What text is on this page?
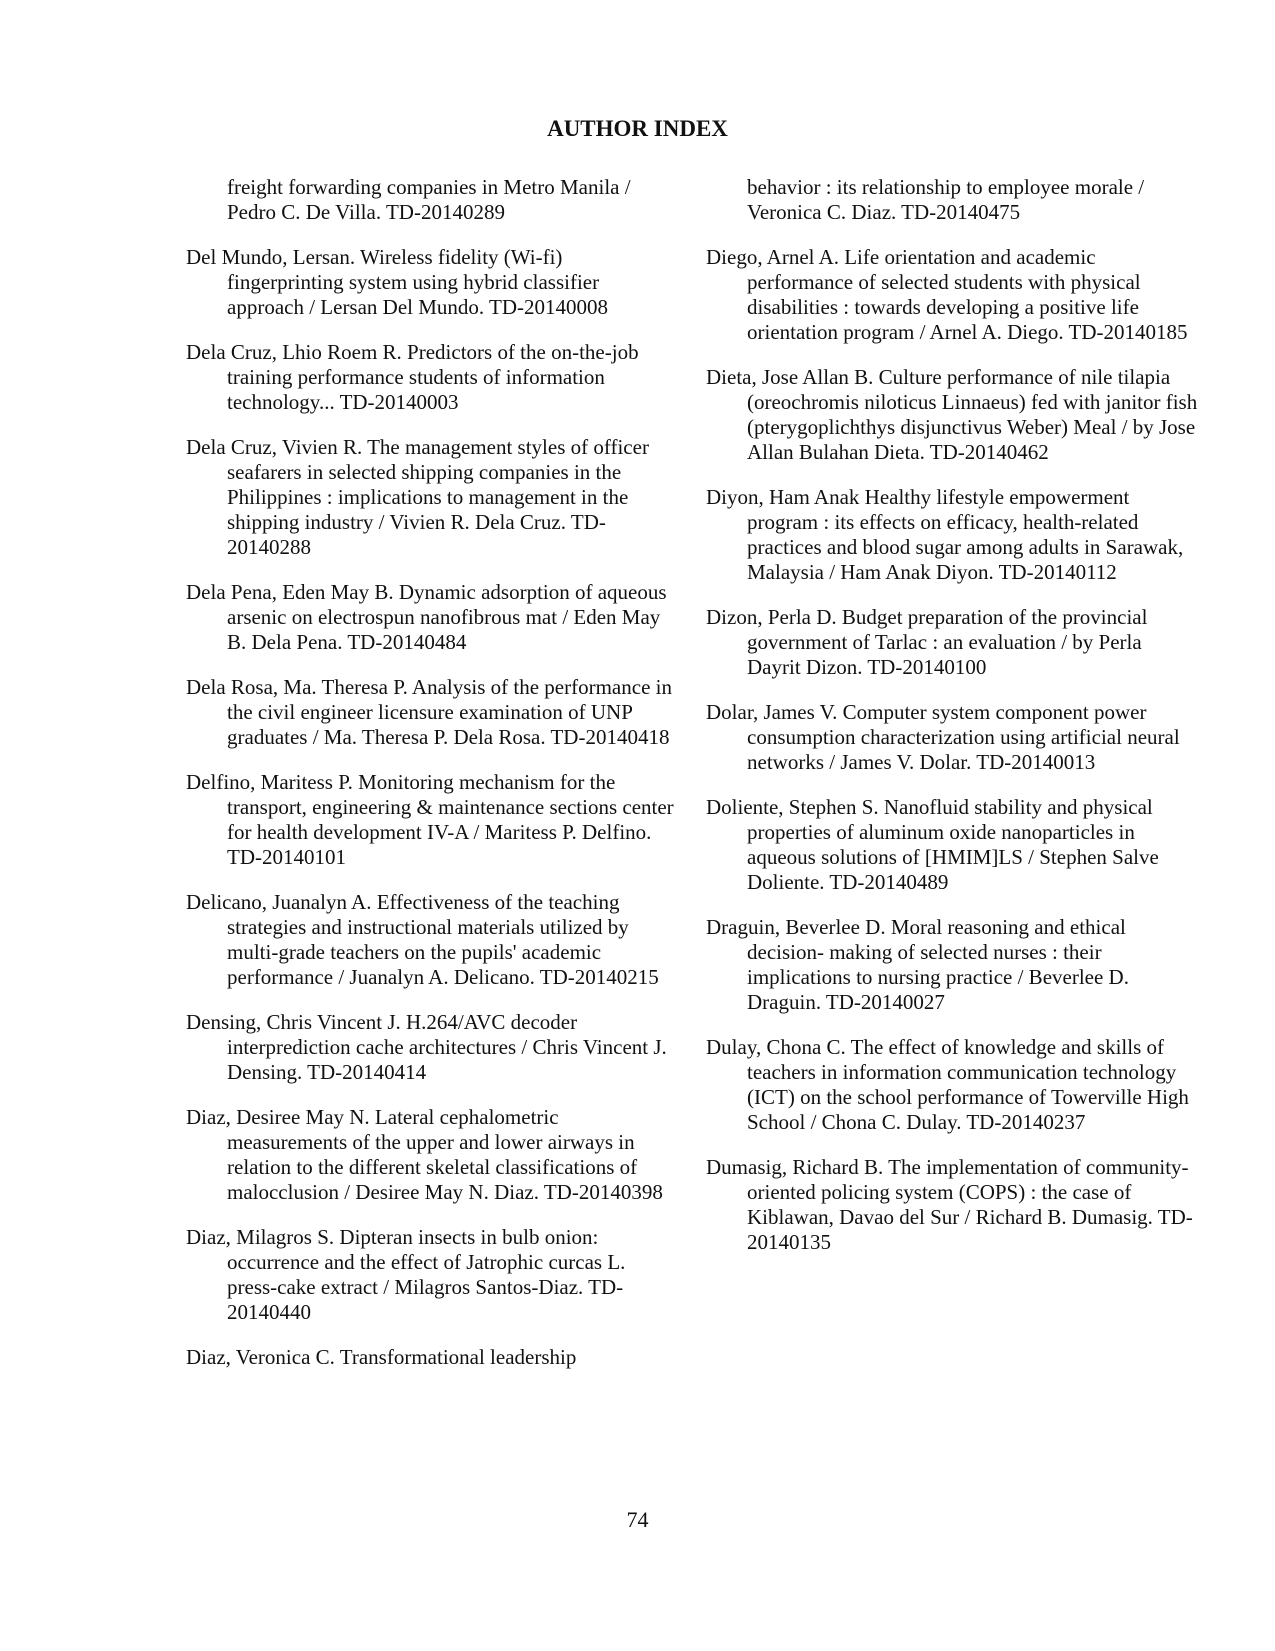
AUTHOR INDEX

freight forwarding companies in Metro Manila / Pedro C. De Villa. TD-20140289

Del Mundo, Lersan. Wireless fidelity (Wi-fi) fingerprinting system using hybrid classifier approach / Lersan Del Mundo. TD-20140008

Dela Cruz, Lhio Roem R. Predictors of the on-the-job training performance students of information technology... TD-20140003

Dela Cruz, Vivien R. The management styles of officer seafarers in selected shipping companies in the Philippines : implications to management in the shipping industry / Vivien R. Dela Cruz. TD-20140288

Dela Pena, Eden May B. Dynamic adsorption of aqueous arsenic on electrospun nanofibrous mat / Eden May B. Dela Pena. TD-20140484

Dela Rosa, Ma. Theresa P. Analysis of the performance in the civil engineer licensure examination of UNP graduates / Ma. Theresa P. Dela Rosa. TD-20140418

Delfino, Maritess P. Monitoring mechanism for the transport, engineering & maintenance sections center for health development IV-A / Maritess P. Delfino. TD-20140101

Delicano, Juanalyn A. Effectiveness of the teaching strategies and instructional materials utilized by multi-grade teachers on the pupils' academic performance / Juanalyn A. Delicano. TD-20140215

Densing, Chris Vincent J. H.264/AVC decoder interprediction cache architectures / Chris Vincent J. Densing. TD-20140414

Diaz, Desiree May N. Lateral cephalometric measurements of the upper and lower airways in relation to the different skeletal classifications of malocclusion / Desiree May N. Diaz. TD-20140398

Diaz, Milagros S. Dipteran insects in bulb onion: occurrence and the effect of Jatrophic curcas L. press-cake extract / Milagros Santos-Diaz. TD-20140440

Diaz, Veronica C. Transformational leadership

behavior : its relationship to employee morale / Veronica C. Diaz. TD-20140475

Diego, Arnel A. Life orientation and academic performance of selected students with physical disabilities : towards developing a positive life orientation program / Arnel A. Diego. TD-20140185

Dieta, Jose Allan B. Culture performance of nile tilapia (oreochromis niloticus Linnaeus) fed with janitor fish (pterygoplichthys disjunctivus Weber) Meal / by Jose Allan Bulahan Dieta. TD-20140462

Diyon, Ham Anak Healthy lifestyle empowerment program : its effects on efficacy, health-related practices and blood sugar among adults in Sarawak, Malaysia / Ham Anak Diyon. TD-20140112

Dizon, Perla D. Budget preparation of the provincial government of Tarlac : an evaluation / by Perla Dayrit Dizon. TD-20140100

Dolar, James V. Computer system component power consumption characterization using artificial neural networks / James V. Dolar. TD-20140013

Doliente, Stephen S. Nanofluid stability and physical properties of aluminum oxide nanoparticles in aqueous solutions of [HMIM]LS / Stephen Salve Doliente. TD-20140489

Draguin, Beverlee D. Moral reasoning and ethical decision- making of selected nurses : their implications to nursing practice / Beverlee D. Draguin. TD-20140027

Dulay, Chona C. The effect of knowledge and skills of teachers in information communication technology (ICT) on the school performance of Towerville High School / Chona C. Dulay. TD-20140237

Dumasig, Richard B. The implementation of community-oriented policing system (COPS) : the case of Kiblawan, Davao del Sur / Richard B. Dumasig. TD-20140135

74
